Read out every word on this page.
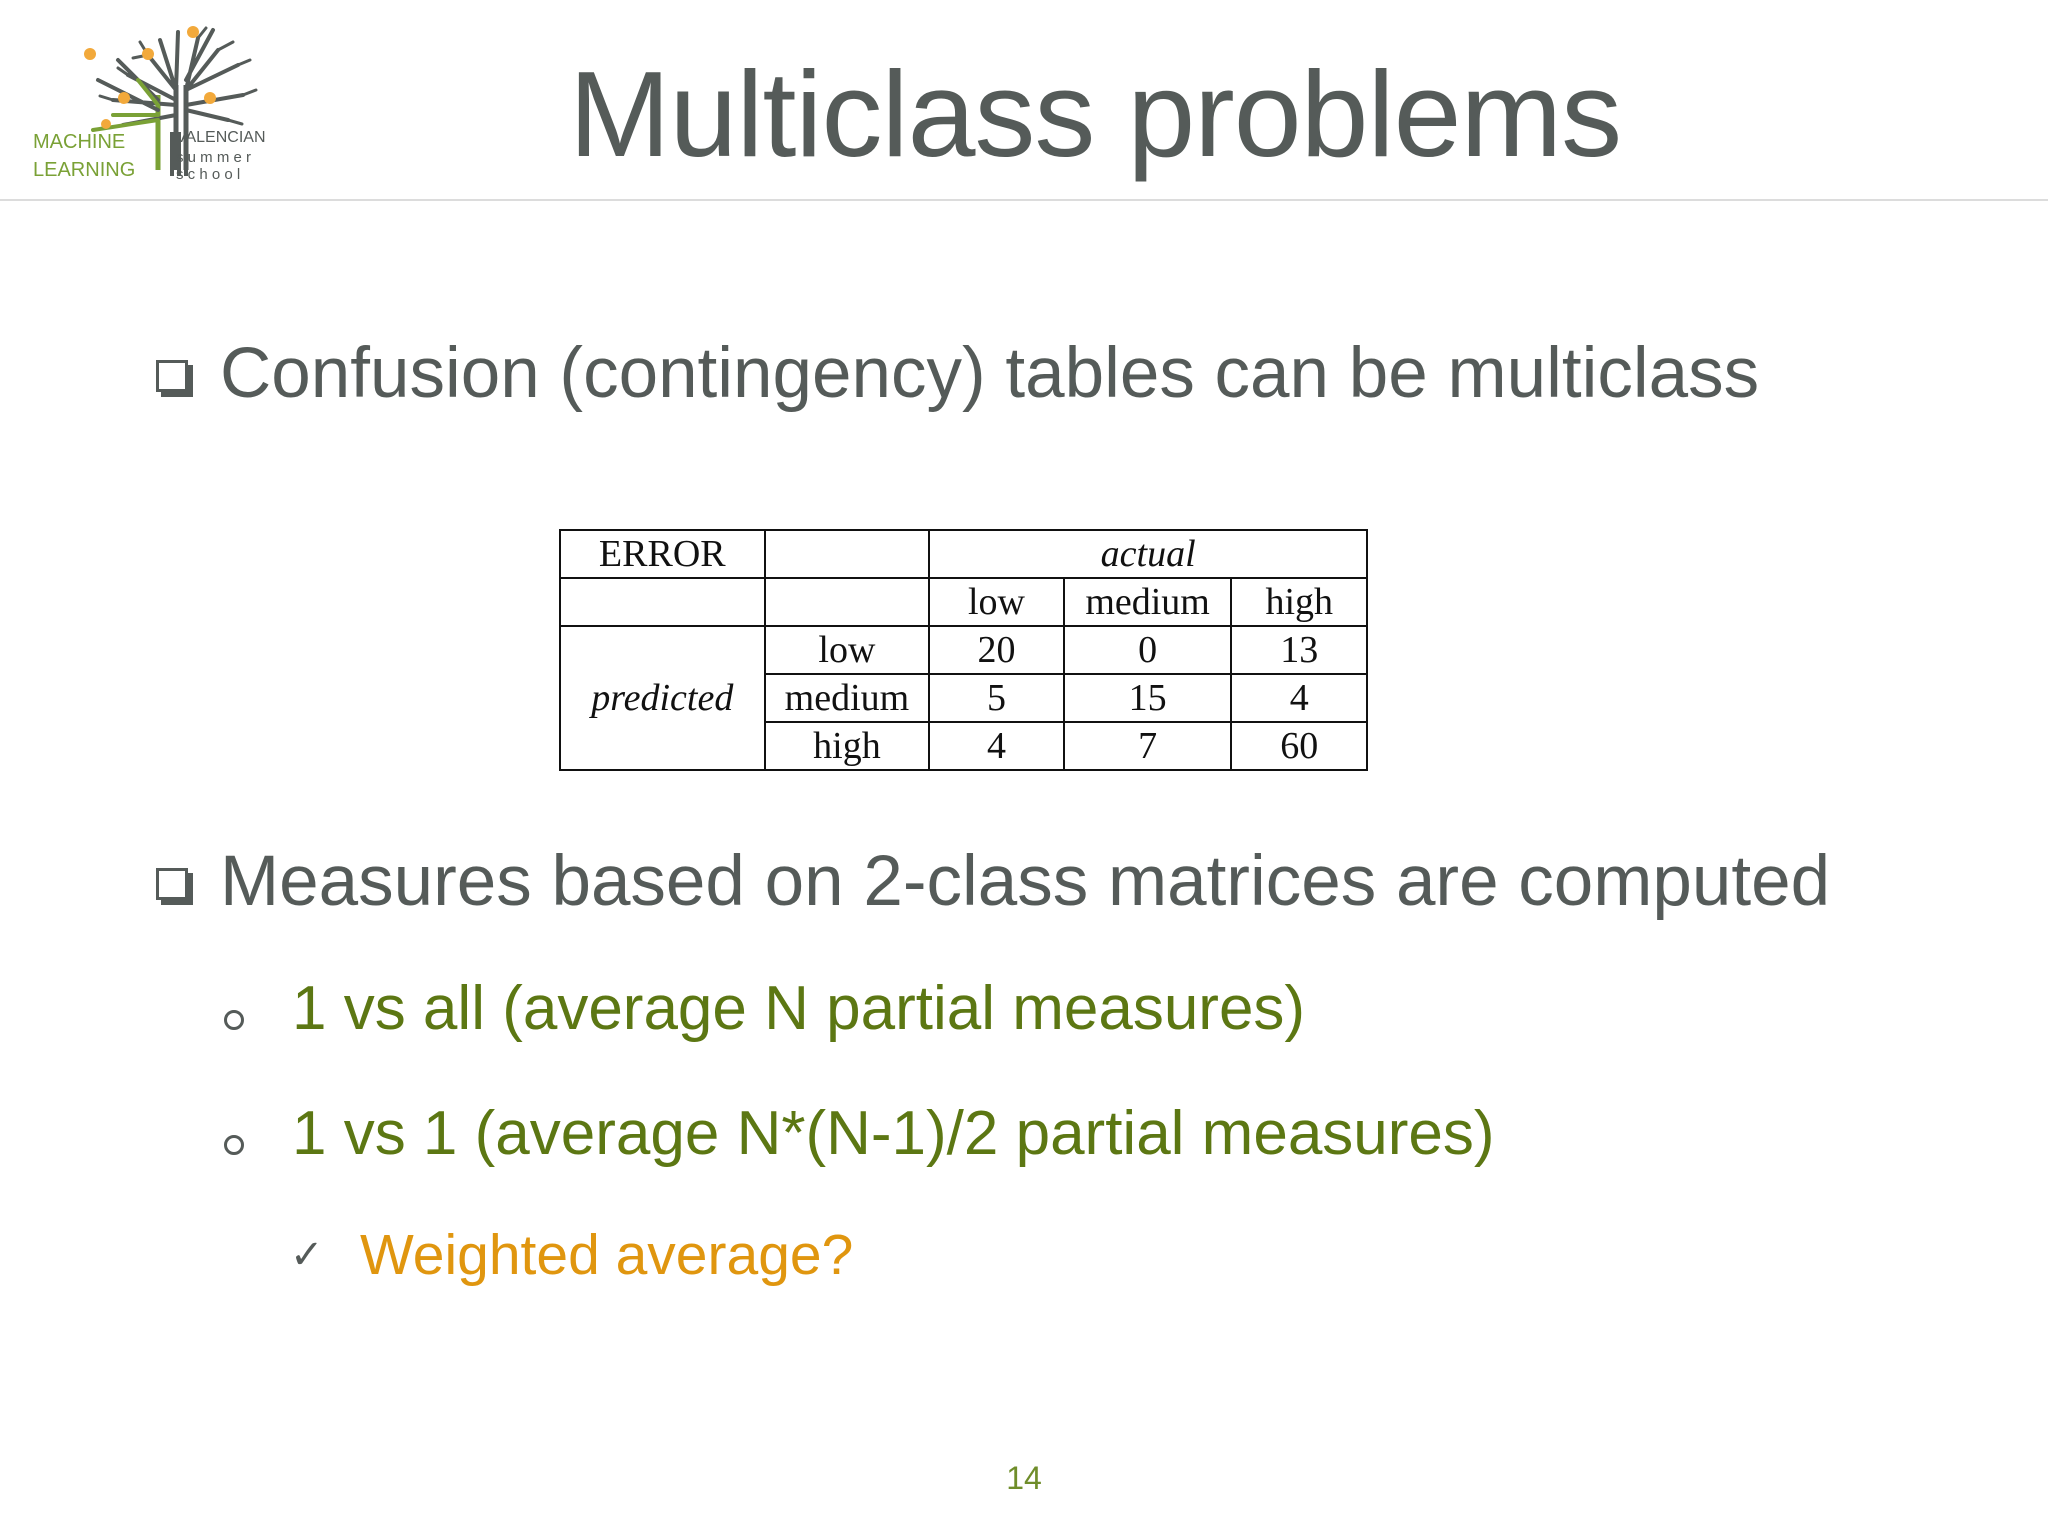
MACHINE
LEARNING
VALENCIAN
s u m m e r
s c h o o l	Multiclass problems
Confusion (contingency) tables can be multiclass
ERROR		actual		
		low	medium	high
predicted	low	20	0	13
	medium	5	15	4
	high	4	7	60
Measures based on 2-class matrices are computed
1 vs all (average N partial measures)
1 vs 1 (average N*(N-1)/2 partial measures)
✓ Weighted average?
14
